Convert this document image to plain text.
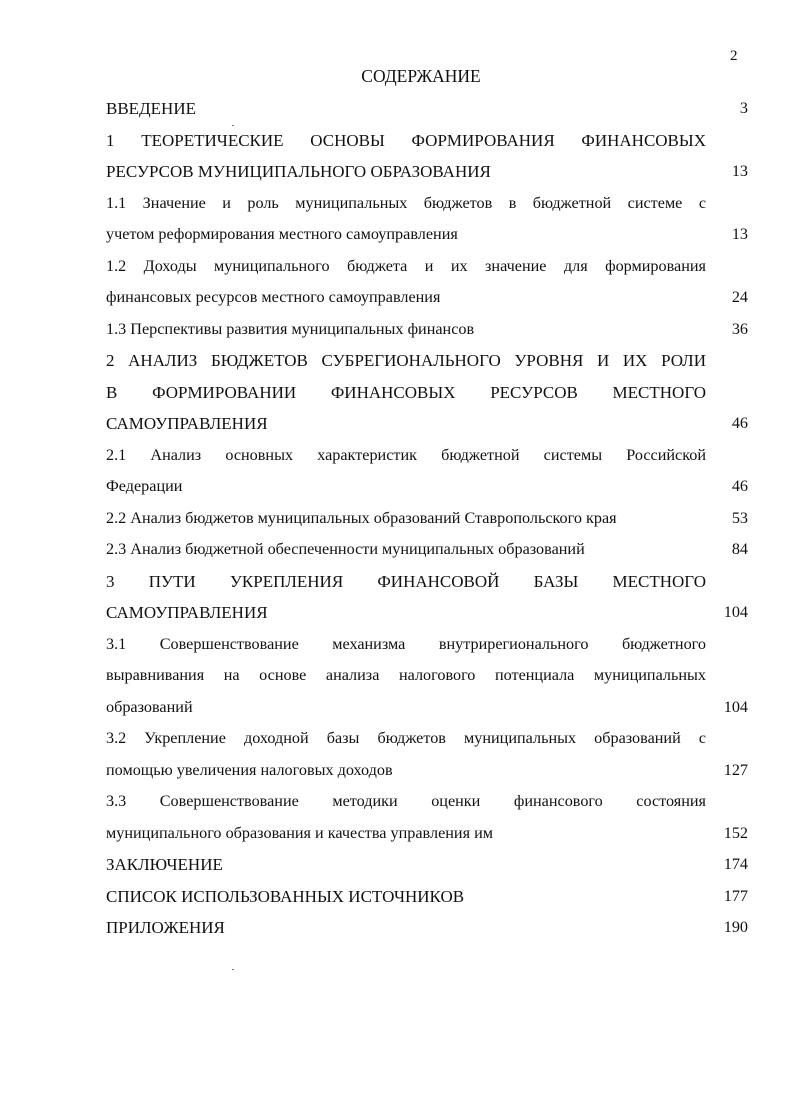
2
СОДЕРЖАНИЕ
ВВЕДЕНИЕ	3
1 ТЕОРЕТИЧЕСКИЕ ОСНОВЫ ФОРМИРОВАНИЯ ФИНАНСОВЫХ
РЕСУРСОВ МУНИЦИПАЛЬНОГО ОБРАЗОВАНИЯ	13
1.1 Значение и роль муниципальных бюджетов в бюджетной системе с
учетом реформирования местного самоуправления	13
1.2 Доходы муниципального бюджета и их значение для формирования
финансовых ресурсов местного самоуправления	24
1.3 Перспективы развития муниципальных финансов	36
2 АНАЛИЗ БЮДЖЕТОВ СУБРЕГИОНАЛЬНОГО УРОВНЯ И ИХ РОЛИ
В ФОРМИРОВАНИИ ФИНАНСОВЫХ РЕСУРСОВ МЕСТНОГО
САМОУПРАВЛЕНИЯ	46
2.1 Анализ основных характеристик бюджетной системы Российской
Федерации	46
2.2 Анализ бюджетов муниципальных образований Ставропольского края	53
2.3 Анализ бюджетной обеспеченности муниципальных образований	84
3 ПУТИ УКРЕПЛЕНИЯ ФИНАНСОВОЙ БАЗЫ МЕСТНОГО
САМОУПРАВЛЕНИЯ	104
3.1 Совершенствование механизма внутрирегионального бюджетного
выравнивания на основе анализа налогового потенциала муниципальных
образований	104
3.2 Укрепление доходной базы бюджетов муниципальных образований с
помощью увеличения налоговых доходов	127
3.3 Совершенствование методики оценки финансового состояния
муниципального образования и качества управления им	152
ЗАКЛЮЧЕНИЕ	174
СПИСОК ИСПОЛЬЗОВАННЫХ ИСТОЧНИКОВ	177
ПРИЛОЖЕНИЯ	190
